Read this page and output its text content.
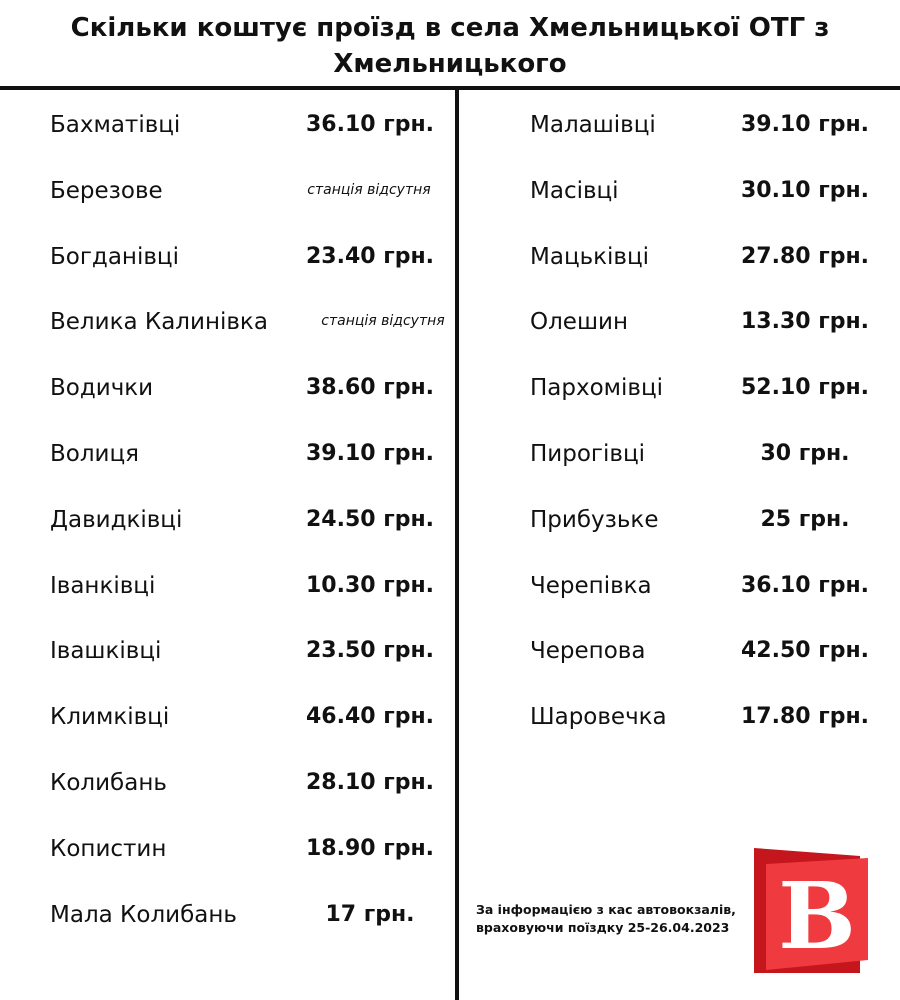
Скільки коштує проїзд в села Хмельницької ОТГ з Хмельницького
Бахматівці	36.10 грн.
Березове	станція відсутня
Богданівці	23.40 грн.
Велика Калинівка	станція відсутня
Водички	38.60 грн.
Волиця	39.10 грн.
Давидківці	24.50 грн.
Іванківці	10.30 грн.
Івашківці	23.50 грн.
Климківці	46.40 грн.
Колибань	28.10 грн.
Копистин	18.90 грн.
Мала Колибань	17 грн.
Малашівці	39.10 грн.
Масівці	30.10 грн.
Мацьківці	27.80 грн.
Олешин	13.30 грн.
Пархомівці	52.10 грн.
Пирогівці	30 грн.
Прибузьке	25 грн.
Черепівка	36.10 грн.
Черепова	42.50 грн.
Шаровечка	17.80 грн.
За інформацією з кас автовокзалів, враховуючи поїздку 25-26.04.2023 B
